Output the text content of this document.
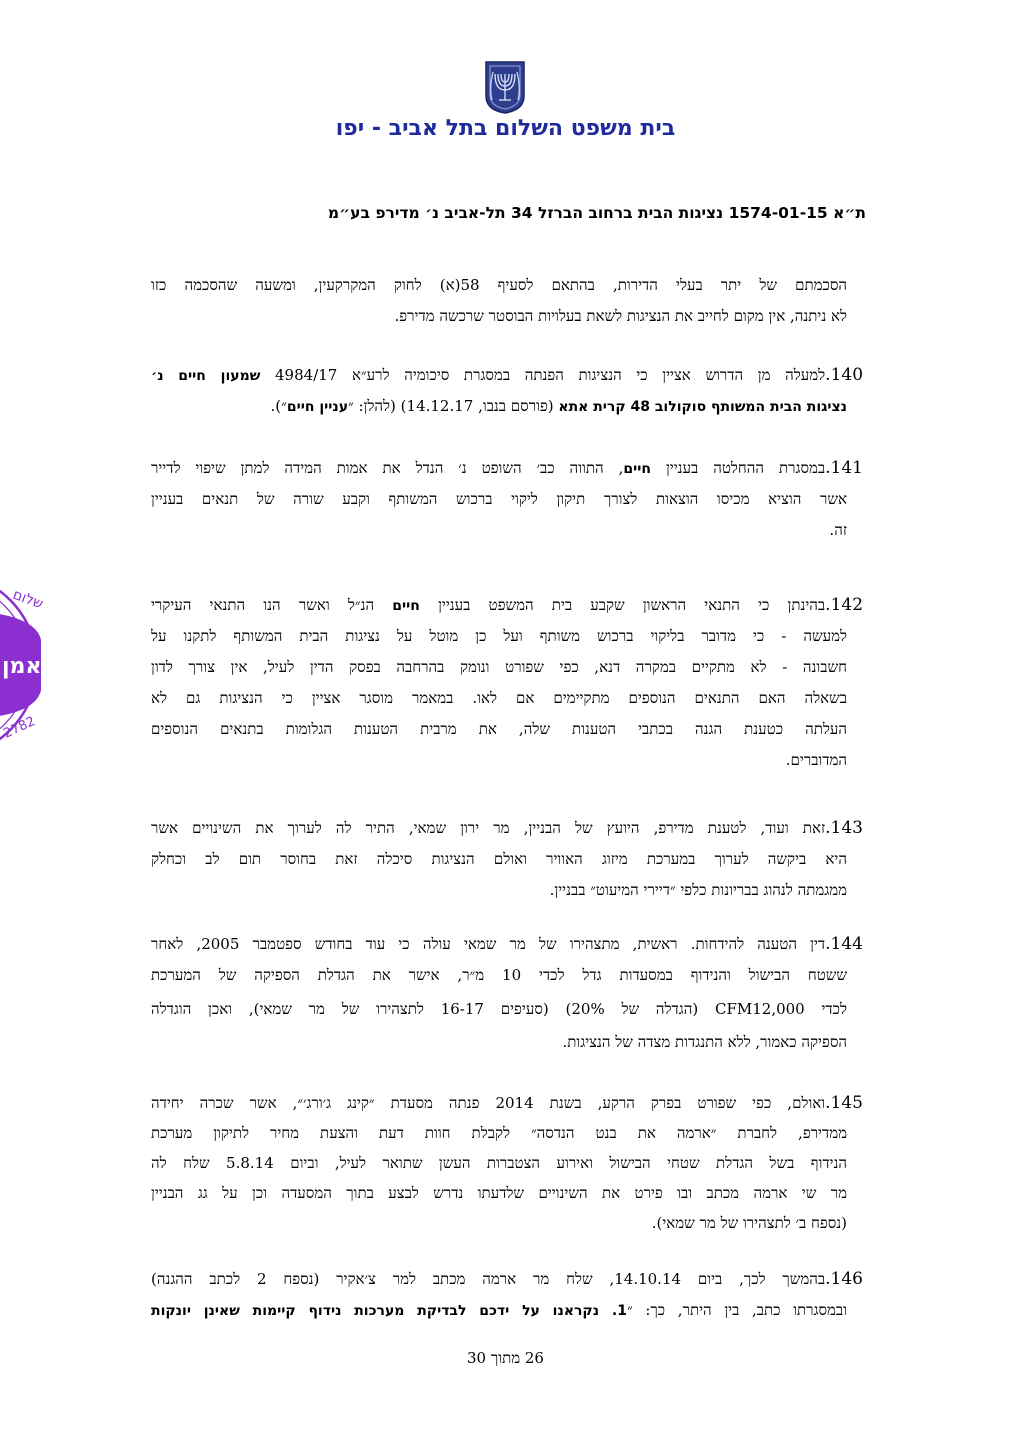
בית משפט השלום בתל אביב - יפו
ת״א 1574-01-15 נציגות הבית ברחוב הברזל 34 תל-אביב נ׳ מדירפ בע״מ
הסכמתם של יתר בעלי הדירות, בהתאם לסעיף 58(א) לחוק המקרקעין, ומשעה שהסכמה כזו
לא ניתנה, אין מקום לחייב את הנציגות לשאת בעלויות הבוסטר שרכשה מדירפ.
140.למעלה מן הדרוש אציין כי הנציגות הפנתה במסגרת סיכומיה לרע״א 4984/17 שמעון חיים נ׳
נציגות הבית המשותף סוקולוב 48 קרית אתא (פורסם בנבו, 14.12.17) (להלן: ״עניין חיים״).
141.במסגרת ההחלטה בעניין חיים, התווה כב׳ השופט נ׳ הנדל את אמות המידה למתן שיפוי לדייר
אשר הוציא מכיסו הוצאות לצורך תיקון ליקוי ברכוש המשותף וקבע שורה של תנאים בעניין
זה.
142.בהינתן כי התנאי הראשון שקבע בית המשפט בעניין חיים הנ״ל ואשר הנו התנאי העיקרי
למעשה - כי מדובר בליקוי ברכוש משותף ועל כן מוטל על נציגות הבית המשותף לתקנו על
חשבונה - לא מתקיים במקרה דנא, כפי שפורט ונומק בהרחבה בפסק הדין לעיל, אין צורך לדון
בשאלה האם התנאים הנוספים מתקיימים אם לאו. במאמר מוסגר אציין כי הנציגות גם לא
העלתה כטענת הגנה בכתבי הטענות שלה, את מרבית הטענות הגלומות בתנאים הנוספים
המדוברים.
143.זאת ועוד, לטענת מדירפ, היועץ של הבניין, מר ירון שמאי, התיר לה לערוך את השינויים אשר
היא ביקשה לערוך במערכת מיזוג האוויר ואולם הנציגות סיכלה זאת בחוסר תום לב וכחלק
ממגמתה לנהוג בבריונות כלפי ״דיירי המיעוט״ בבניין.
144.דין הטענה להידחות. ראשית, מתצהירו של מר שמאי עולה כי עוד בחודש ספטמבר 2005, לאחר
ששטח הבישול והנידוף במסעדות גדל לכדי 10 מ״ר, אישר את הגדלת הספיקה של המערכת
לכדי CFM12,000 (הגדלה של 20%) (סעיפים 16-17 לתצהירו של מר שמאי), ואכן הוגדלה
הספיקה כאמור, ללא התנגדות מצדה של הנציגות.
145.ואולם, כפי שפורט בפרק הרקע, בשנת 2014 פנתה מסעדת ״קינג ג׳ורג׳״, אשר שכרה יחידה
ממדירפ, לחברת ״ארמה את בנט הנדסה״ לקבלת חוות דעת והצעת מחיר לתיקון מערכת
הנידוף בשל הגדלת שטחי הבישול ואירוע הצטברות העשן שתואר לעיל, וביום 5.8.14 שלח לה
מר שי ארמה מכתב ובו פירט את השינויים שלדעתו נדרש לבצע בתוך המסעדה וכן על גג הבניין
(נספח ב׳ לתצהירו של מר שמאי).
146.בהמשך לכך, ביום 14.10.14, שלח מר ארמה מכתב למר צ׳אקיר (נספח 2 לכתב ההגנה)
ובמסגרתו כתב, בין היתר, כך: ״1. נקראנו על ידכם לבדיקת מערכות נידוף קיימות שאינן יונקות
26 מתוך 30
שלום
אמן
2782
